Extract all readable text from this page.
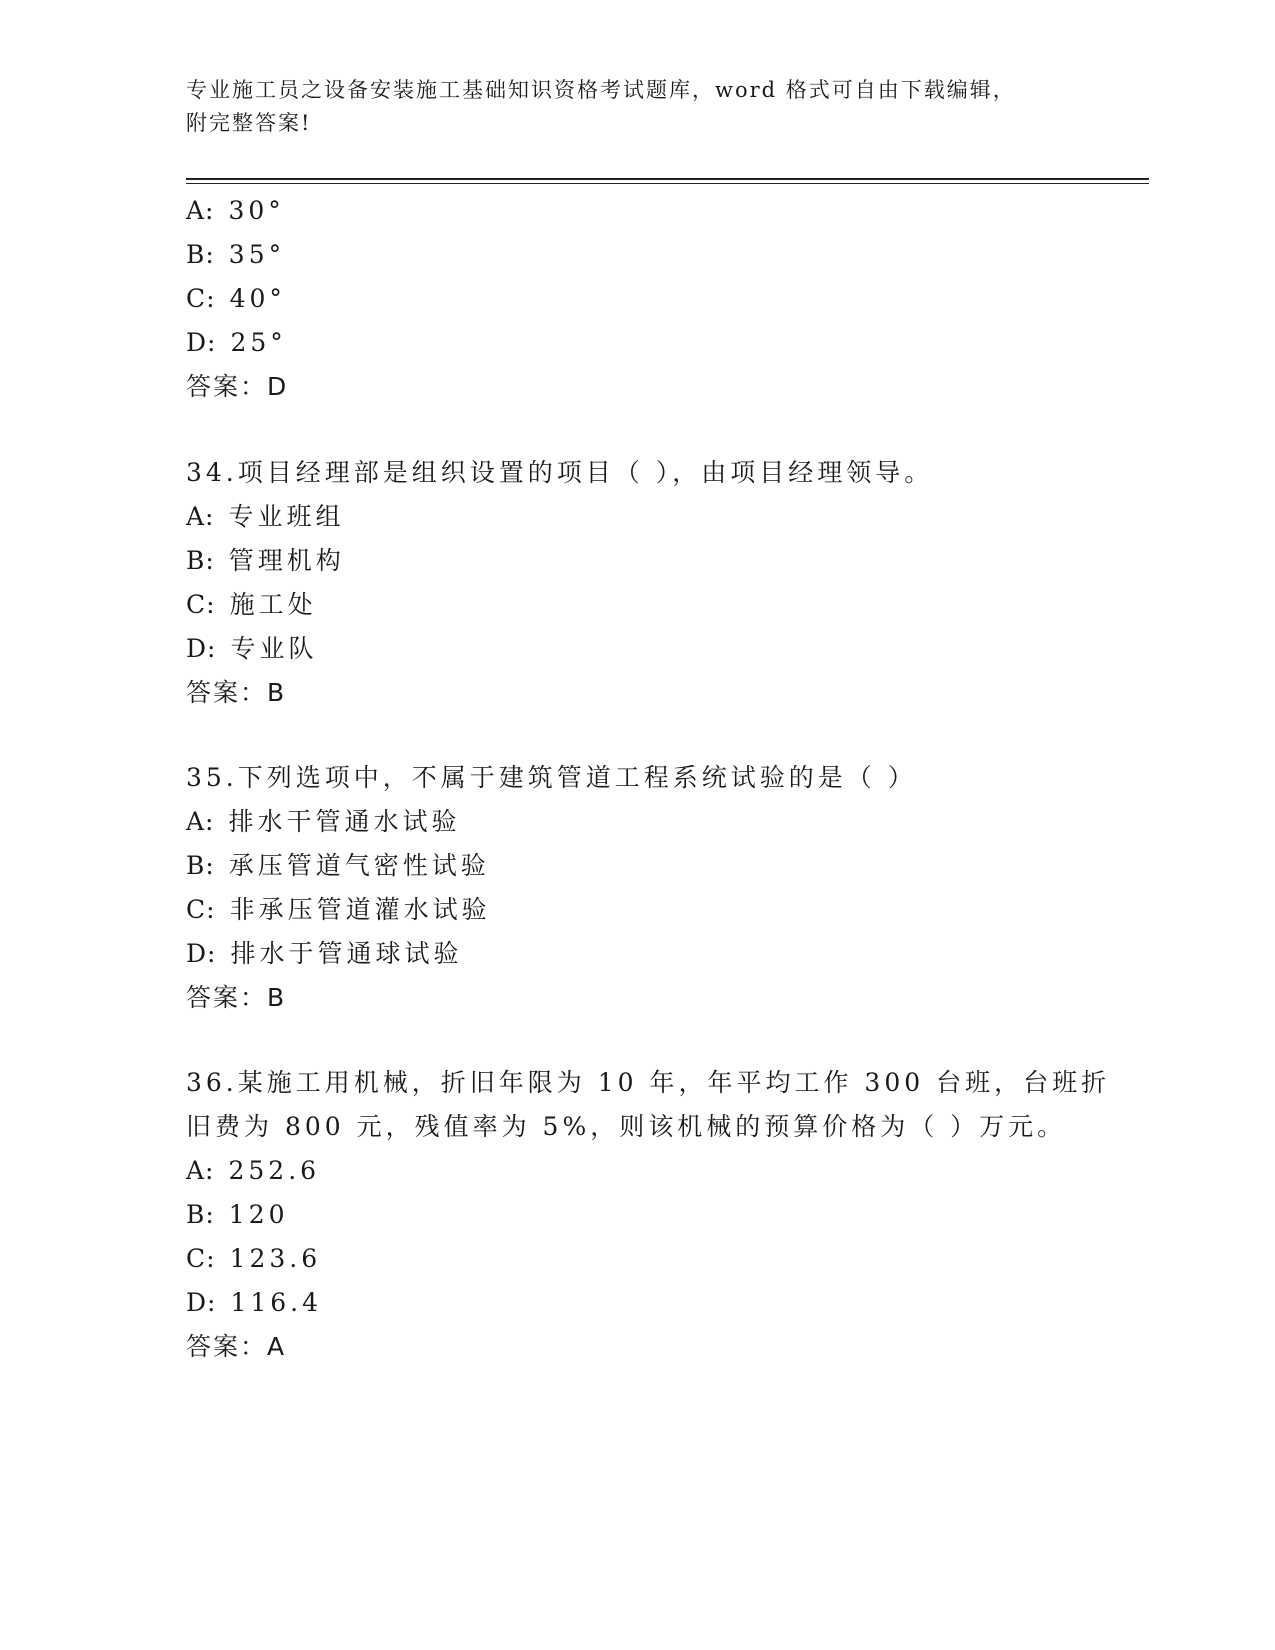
专业施工员之设备安装施工基础知识资格考试题库，word 格式可自由下载编辑，
附完整答案!
A: 30°
B: 35°
C: 40°
D: 25°
答案：D
34.项目经理部是组织设置的项目（ ），由项目经理领导。
A: 专业班组
B: 管理机构
C: 施工处
D: 专业队
答案：B
35.下列选项中，不属于建筑管道工程系统试验的是（ ）
A: 排水干管通水试验
B: 承压管道气密性试验
C: 非承压管道灌水试验
D: 排水于管通球试验
答案：B
36.某施工用机械，折旧年限为 10 年，年平均工作 300 台班，台班折
旧费为 800 元，残值率为 5%，则该机械的预算价格为（ ）万元。
A: 252.6
B: 120
C: 123.6
D: 116.4
答案：A
